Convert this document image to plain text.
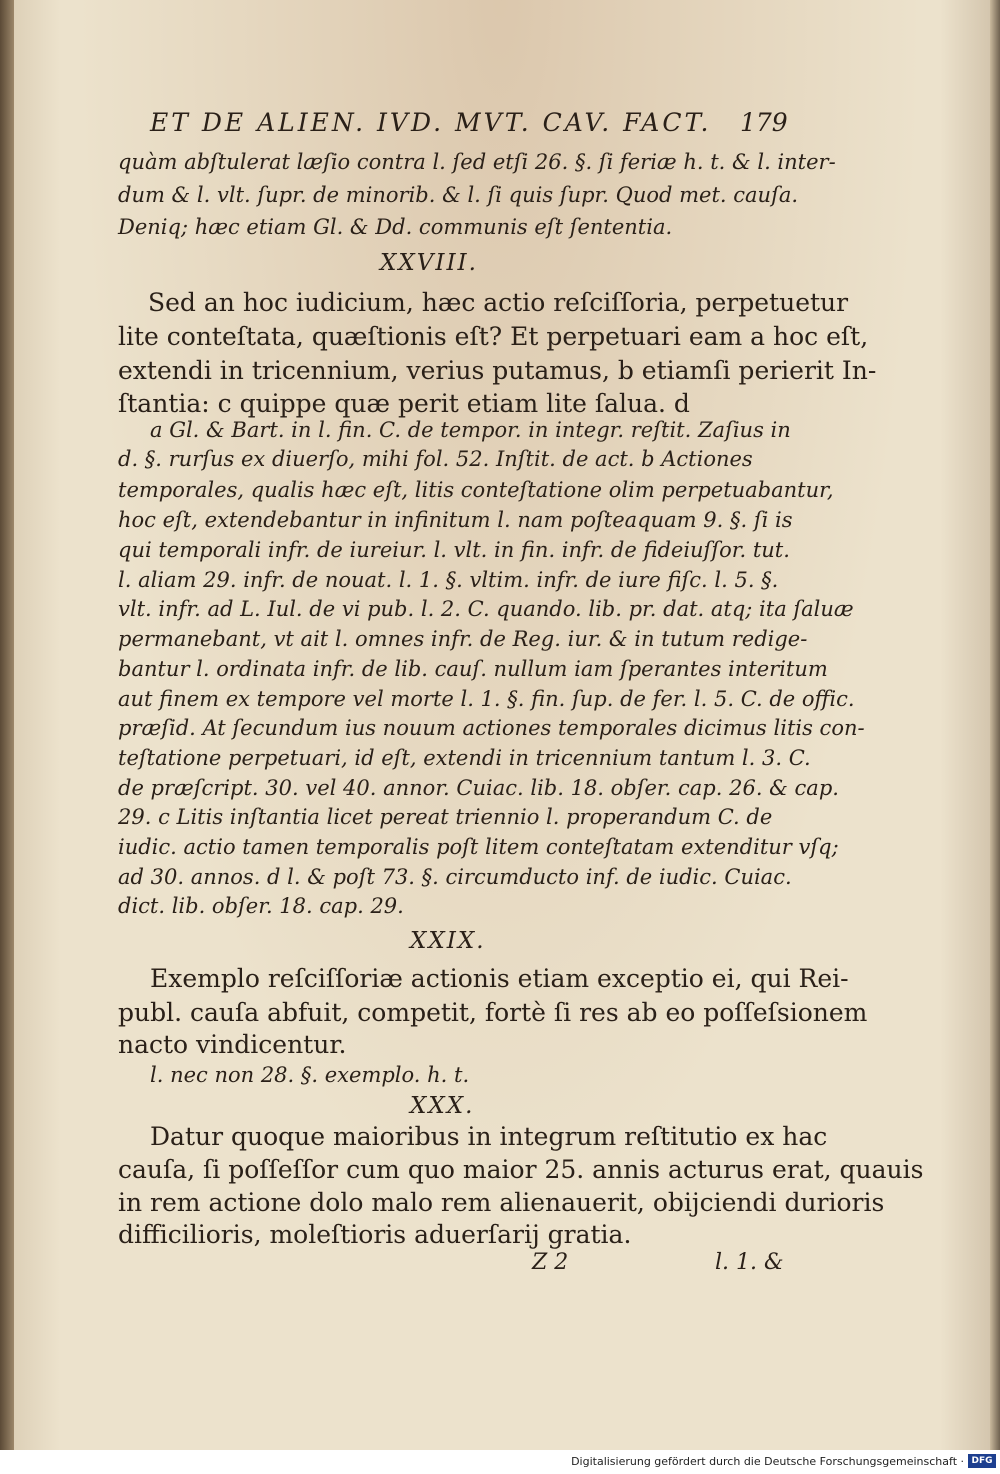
ET DE ALIEN. IVD. MVT. CAV. FACT. 179
quàm abſtulerat læſio contra l. ſed etſi 26. §. ſi feriæ h. t. & l. inter-
dum & l. vlt. ſupr. de minorib. & l. ſi quis ſupr. Quod met. cauſa.
Deniq; hæc etiam Gl. & Dd. communis eſt ſententia.
XXVIII.
Sed an hoc iudicium, hæc actio reſciſſoria, perpetuetur
lite conteſtata, quæſtionis eſt? Et perpetuari eam a hoc eſt,
extendi in tricennium, verius putamus, b etiamſi perierit In-
ſtantia: c quippe quæ perit etiam lite ſalua. d
a Gl. & Bart. in l. fin. C. de tempor. in integr. reſtit. Zaſius in
d. §. rurſus ex diuerſo, mihi fol. 52. Inſtit. de act. b Actiones
temporales, qualis hæc eſt, litis conteſtatione olim perpetuabantur,
hoc eſt, extendebantur in infinitum l. nam poſteaquam 9. §. ſi is
qui temporali infr. de iureiur. l. vlt. in fin. infr. de fideiuſſor. tut.
l. aliam 29. infr. de nouat. l. 1. §. vltim. infr. de iure fiſc. l. 5. §.
vlt. infr. ad L. Iul. de vi pub. l. 2. C. quando. lib. pr. dat. atq; ita ſaluæ
permanebant, vt ait l. omnes infr. de Reg. iur. & in tutum redige-
bantur l. ordinata infr. de lib. cauſ. nullum iam ſperantes interitum
aut finem ex tempore vel morte l. 1. §. fin. ſup. de fer. l. 5. C. de offic.
præſid. At ſecundum ius nouum actiones temporales dicimus litis con-
teſtatione perpetuari, id eſt, extendi in tricennium tantum l. 3. C.
de præſcript. 30. vel 40. annor. Cuiac. lib. 18. obſer. cap. 26. & cap.
29. c Litis inſtantia licet pereat triennio l. properandum C. de
iudic. actio tamen temporalis poſt litem conteſtatam extenditur vſq;
ad 30. annos. d l. & poſt 73. §. circumducto inf. de iudic. Cuiac.
dict. lib. obſer. 18. cap. 29.
XXIX.
Exemplo reſciſſoriæ actionis etiam exceptio ei, qui Rei-
publ. cauſa abfuit, competit, fortè ſi res ab eo poſſeſsionem
nacto vindicentur.
l. nec non 28. §. exemplo. h. t.
XXX.
Datur quoque maioribus in integrum reſtitutio ex hac
cauſa, ſi poſſeſſor cum quo maior 25. annis acturus erat, quauis
in rem actione dolo malo rem alienauerit, obijciendi durioris
difficilioris, moleſtioris aduerſarij gratia.
Z 2	l. 1. &
Digitalisierung gefördert durch die Deutsche Forschungsgemeinschaft · DFG
